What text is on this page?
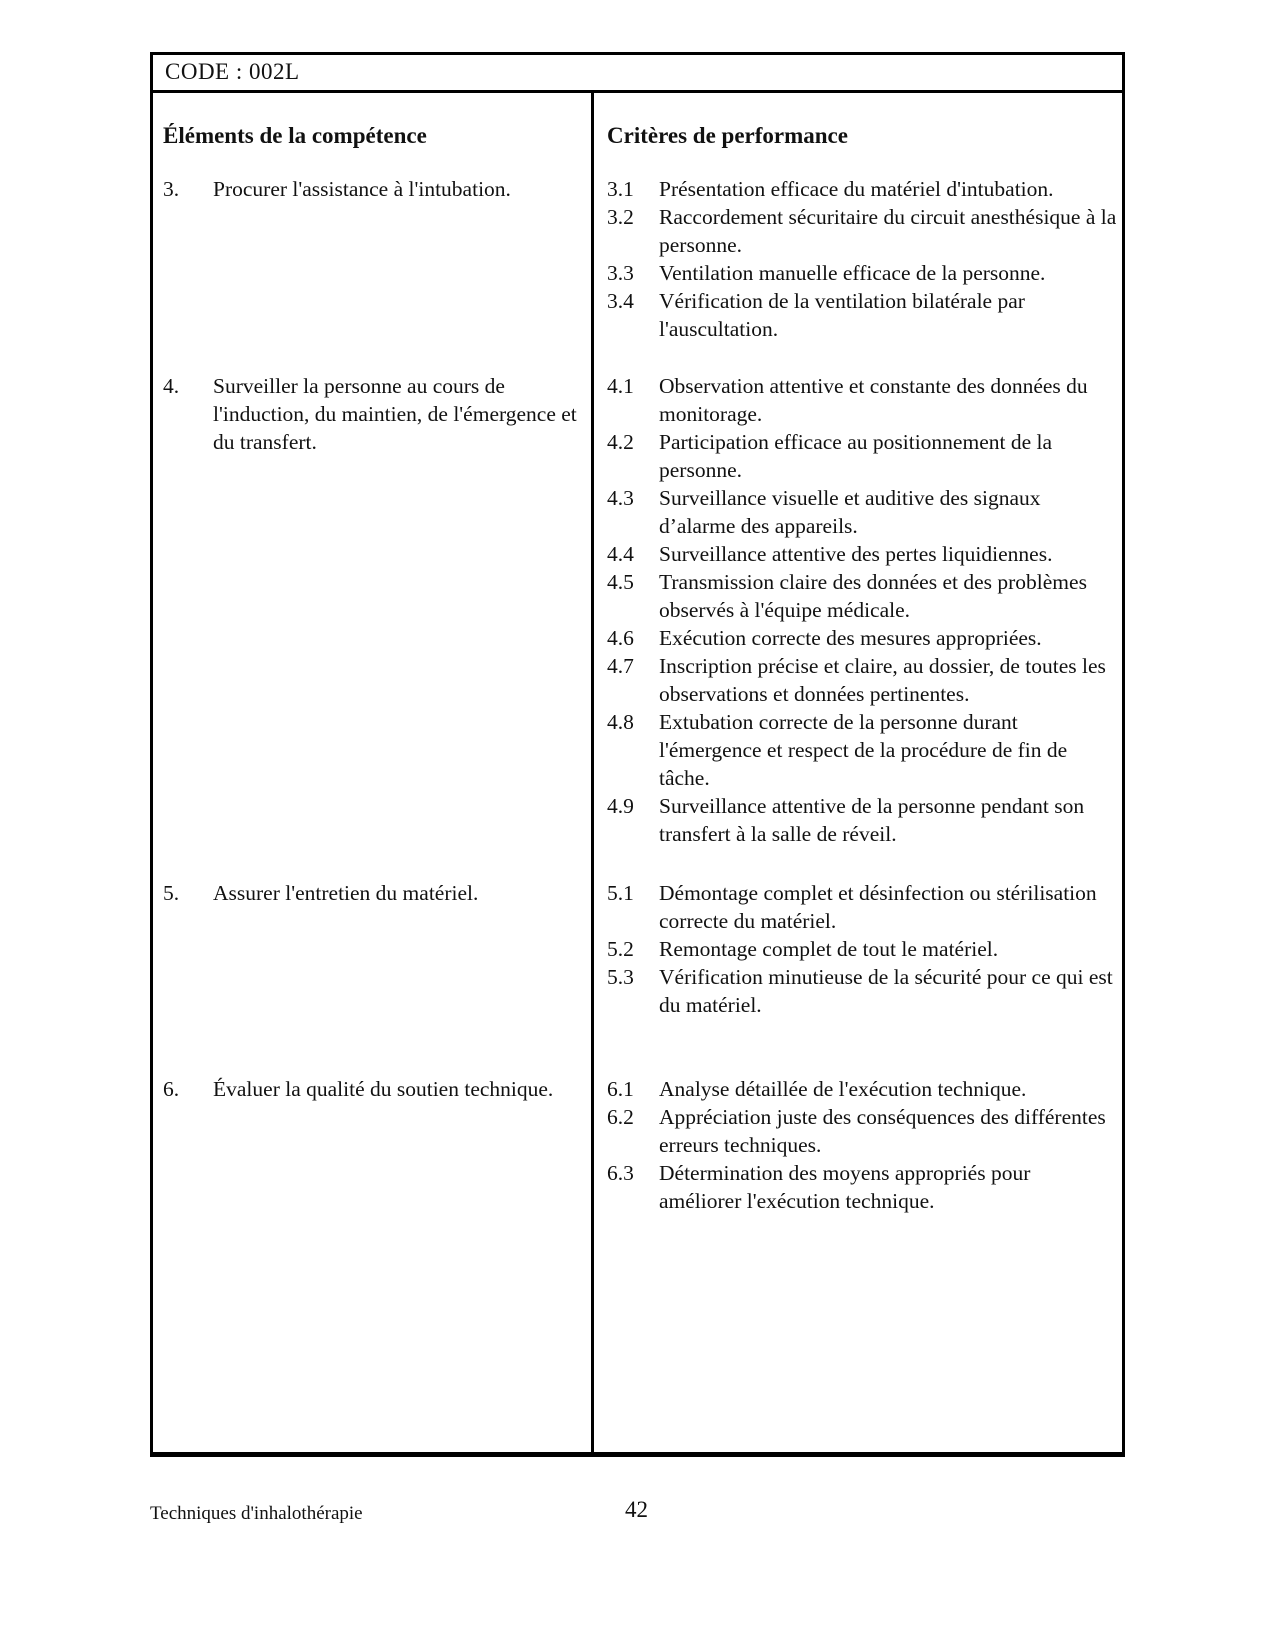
CODE : 002L
Éléments de la compétence
3. Procurer l'assistance à l'intubation.
4. Surveiller la personne au cours de l'induction, du maintien, de l'émergence et du transfert.
5. Assurer l'entretien du matériel.
6. Évaluer la qualité du soutien technique.
Critères de performance
3.1 Présentation efficace du matériel d'intubation.
3.2 Raccordement sécuritaire du circuit anesthésique à la personne.
3.3 Ventilation manuelle efficace de la personne.
3.4 Vérification de la ventilation bilatérale par l'auscultation.
4.1 Observation attentive et constante des données du monitorage.
4.2 Participation efficace au positionnement de la personne.
4.3 Surveillance visuelle et auditive des signaux d’alarme des appareils.
4.4 Surveillance attentive des pertes liquidiennes.
4.5 Transmission claire des données et des problèmes observés à l'équipe médicale.
4.6 Exécution correcte des mesures appropriées.
4.7 Inscription précise et claire, au dossier, de toutes les observations et données pertinentes.
4.8 Extubation correcte de la personne durant l'émergence et respect de la procédure de fin de tâche.
4.9 Surveillance attentive de la personne pendant son transfert à la salle de réveil.
5.1 Démontage complet et désinfection ou stérilisation correcte du matériel.
5.2 Remontage complet de tout le matériel.
5.3 Vérification minutieuse de la sécurité pour ce qui est du matériel.
6.1 Analyse détaillée de l'exécution technique.
6.2 Appréciation juste des conséquences des différentes  erreurs techniques.
6.3 Détermination des moyens appropriés pour améliorer l'exécution technique.
Techniques d'inhalothérapie	42
